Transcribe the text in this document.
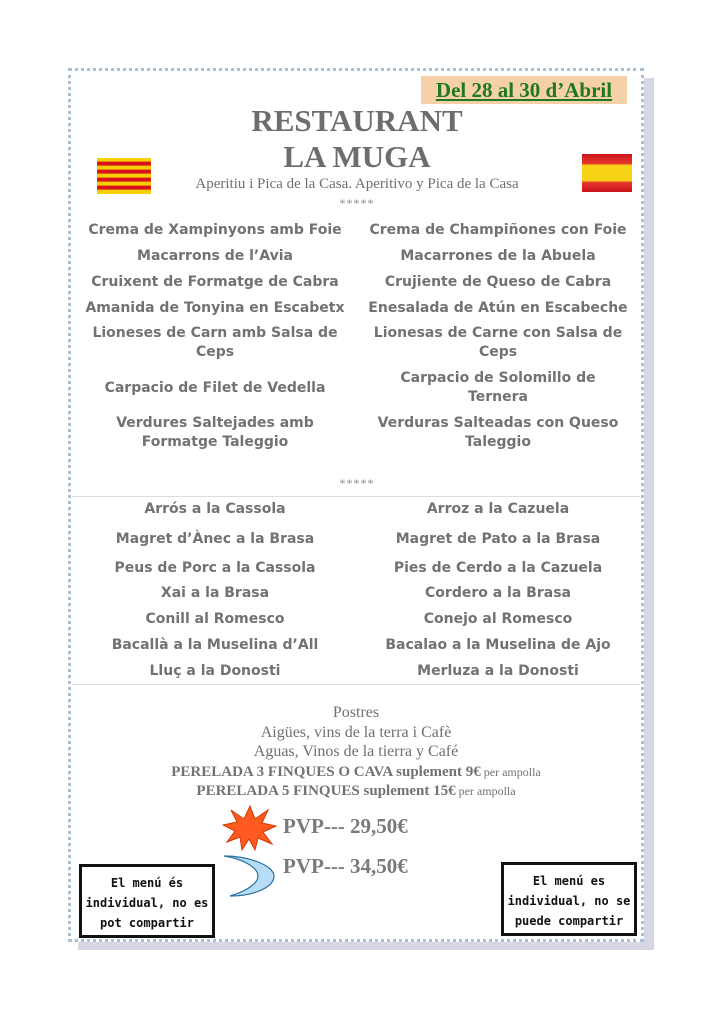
Del 28 al 30 d’Abril
RESTAURANT
LA MUGA
Aperitiu i Pica de la Casa. Aperitivo y Pica de la Casa
*****
Crema de Xampinyons amb Foie
Macarrons de l’Avia
Cruixent de Formatge de Cabra
Amanida de Tonyina en Escabetx
Lioneses de Carn amb Salsa de Ceps
Carpacio de Filet de Vedella
Verdures Saltejades amb Formatge Taleggio
Crema de Champiñones con Foie
Macarrones de la Abuela
Crujiente de Queso de Cabra
Enesalada de Atún en Escabeche
Lionesas de Carne con Salsa de Ceps
Carpacio de Solomillo de Ternera
Verduras Salteadas con Queso Taleggio
*****
Arrós a la Cassola
Magret d’Ànec a la Brasa
Peus de Porc a la Cassola
Xai a la Brasa
Conill al Romesco
Bacallà a la Muselina d’All
Lluç a la Donosti
Arroz a la Cazuela
Magret de Pato a la Brasa
Pies de Cerdo a la Cazuela
Cordero a la Brasa
Conejo al Romesco
Bacalao a la Muselina de Ajo
Merluza a la Donosti
Postres
Aigües, vins de la terra i Cafè
Aguas, Vinos de la tierra y Café
PERELADA 3 FINQUES O CAVA suplement 9€ per ampolla
PERELADA 5 FINQUES suplement 15€ per ampolla
PVP--- 29,50€
PVP--- 34,50€
El menú és
individual, no es
pot compartir
El menú es
individual, no se
puede compartir
